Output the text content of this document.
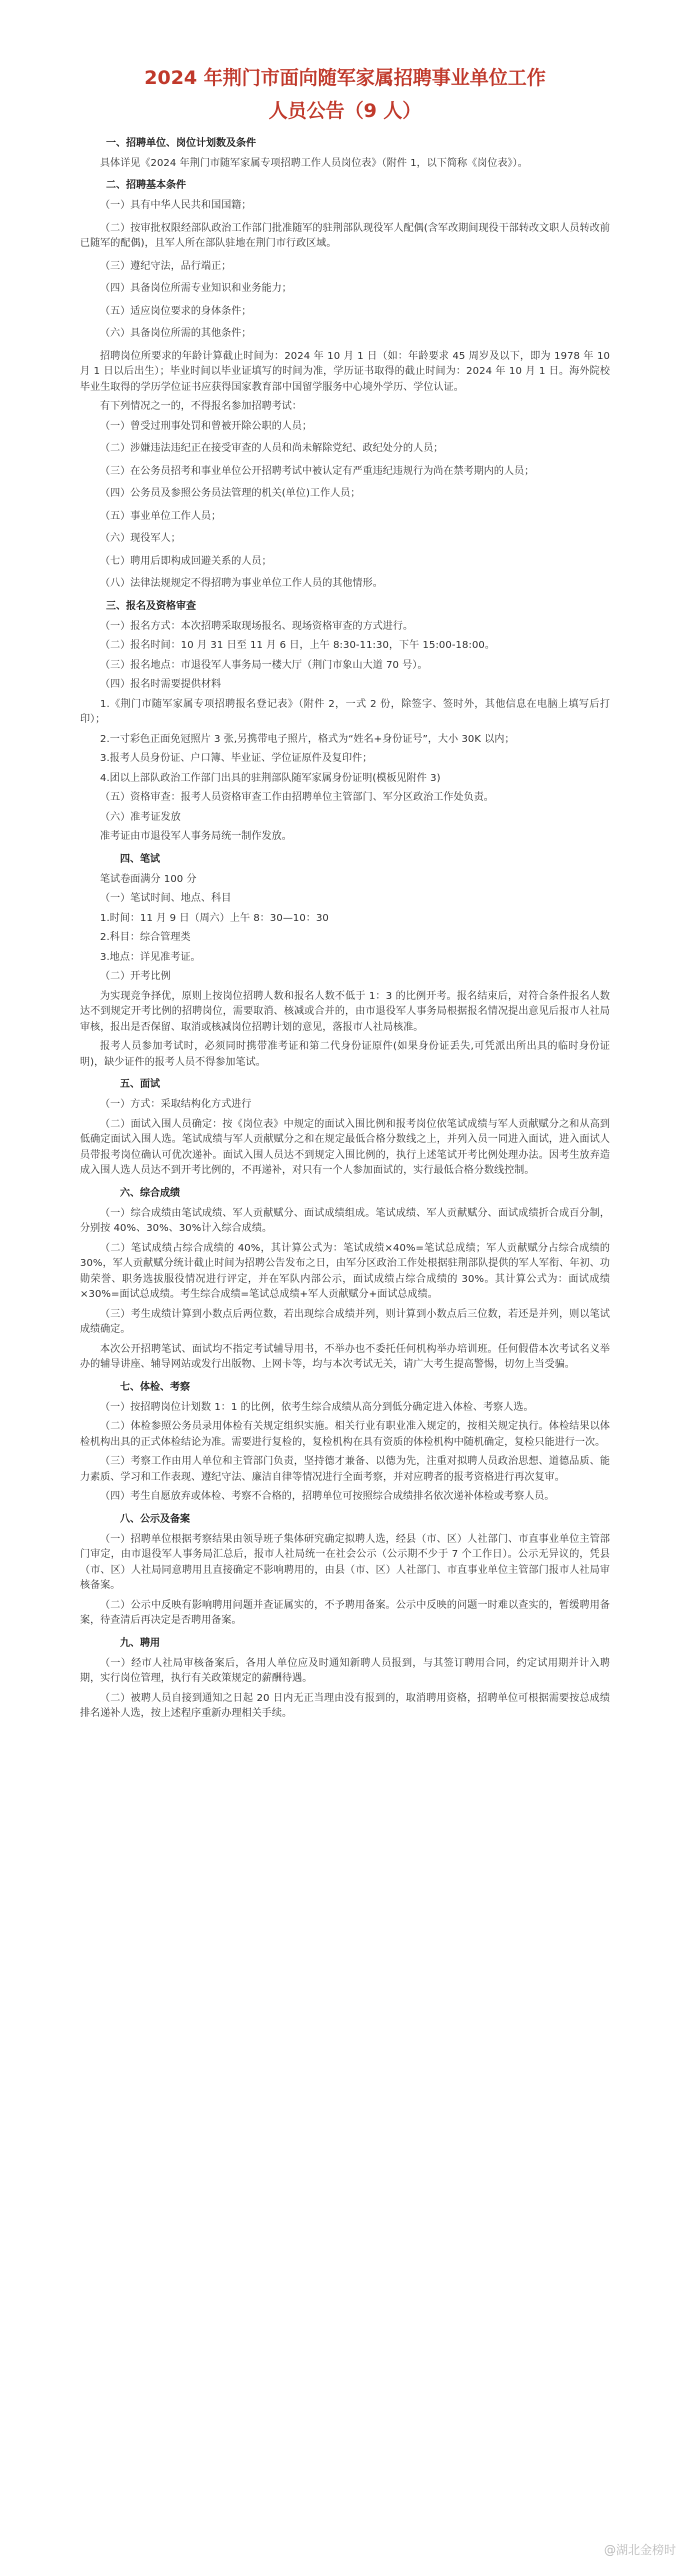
2024 年荆门市面向随军家属招聘事业单位工作
人员公告（9 人）
一、招聘单位、岗位计划数及条件

具体详见《2024 年荆门市随军家属专项招聘工作人员岗位表》（附件 1，以下简称《岗位表》）。

二、招聘基本条件

（一）具有中华人民共和国国籍；

（二）按审批权限经部队政治工作部门批准随军的驻荆部队现役军人配偶(含军改期间现役干部转改文职人员转改前已随军的配偶)，且军人所在部队驻地在荆门市行政区域。

（三）遵纪守法，品行端正；

（四）具备岗位所需专业知识和业务能力；

（五）适应岗位要求的身体条件；

（六）具备岗位所需的其他条件；

招聘岗位所要求的年龄计算截止时间为：2024 年 10 月 1 日（如：年龄要求 45 周岁及以下，即为 1978 年 10 月 1 日以后出生）；毕业时间以毕业证填写的时间为准，学历证书取得的截止时间为：2024 年 10 月 1 日。海外院校毕业生取得的学历学位证书应获得国家教育部中国留学服务中心境外学历、学位认证。

有下列情况之一的，不得报名参加招聘考试：

（一）曾受过刑事处罚和曾被开除公职的人员；

（二）涉嫌违法违纪正在接受审查的人员和尚未解除党纪、政纪处分的人员；

（三）在公务员招考和事业单位公开招聘考试中被认定有严重违纪违规行为尚在禁考期内的人员；

（四）公务员及参照公务员法管理的机关(单位)工作人员；

（五）事业单位工作人员；

（六）现役军人；

（七）聘用后即构成回避关系的人员；

（八）法律法规规定不得招聘为事业单位工作人员的其他情形。

三、报名及资格审查

（一）报名方式：本次招聘采取现场报名、现场资格审查的方式进行。

（二）报名时间：10 月 31 日至 11 月 6 日，上午 8:30-11:30，下午 15:00-18:00。

（三）报名地点：市退役军人事务局一楼大厅（荆门市象山大道 70 号）。

（四）报名时需要提供材料

1.《荆门市随军家属专项招聘报名登记表》（附件 2，一式 2 份，除签字、签时外，其他信息在电脑上填写后打印）；

2.一寸彩色正面免冠照片 3 张,另携带电子照片，格式为“姓名+身份证号”，大小 30K 以内；

3.报考人员身份证、户口簿、毕业证、学位证原件及复印件；

4.团以上部队政治工作部门出具的驻荆部队随军家属身份证明(模板见附件 3)

（五）资格审查：报考人员资格审查工作由招聘单位主管部门、军分区政治工作处负责。

（六）准考证发放

准考证由市退役军人事务局统一制作发放。

四、笔试

笔试卷面满分 100 分

（一）笔试时间、地点、科目

1.时间：11 月 9 日（周六）上午 8：30—10：30

2.科目：综合管理类

3.地点：详见准考证。

（二）开考比例

为实现竞争择优，原则上按岗位招聘人数和报名人数不低于 1：3 的比例开考。报名结束后，对符合条件报名人数达不到规定开考比例的招聘岗位，需要取消、核减或合并的，由市退役军人事务局根据报名情况提出意见后报市人社局审核，报出是否保留、取消或核减岗位招聘计划的意见，落报市人社局核准。

报考人员参加考试时，必须同时携带准考证和第二代身份证原件(如果身份证丢失,可凭派出所出具的临时身份证明)，缺少证件的报考人员不得参加笔试。

五、面试

（一）方式：采取结构化方式进行

（二）面试入围人员确定：按《岗位表》中规定的面试入围比例和报考岗位依笔试成绩与军人贡献赋分之和从高到低确定面试入围人选。笔试成绩与军人贡献赋分之和在规定最低合格分数线之上，并列入员一同进入面试，进入面试人员带报考岗位确认可优次递补。面试入围人员达不到规定入围比例的，执行上述笔试开考比例处理办法。因考生放弃造成入围人选人员达不到开考比例的，不再递补，对只有一个人参加面试的，实行最低合格分数线控制。

六、综合成绩

（一）综合成绩由笔试成绩、军人贡献赋分、面试成绩组成。笔试成绩、军人贡献赋分、面试成绩折合成百分制，分别按 40%、30%、30%计入综合成绩。

（二）笔试成绩占综合成绩的 40%，其计算公式为：笔试成绩×40%=笔试总成绩；军人贡献赋分占综合成绩的 30%，军人贡献赋分统计截止时间为招聘公告发布之日，由军分区政治工作处根据驻荆部队提供的军人军衔、年初、功勋荣誉、职务选拔服役情况进行评定，并在军队内部公示，面试成绩占综合成绩的 30%。其计算公式为：面试成绩×30%=面试总成绩。考生综合成绩=笔试总成绩+军人贡献赋分+面试总成绩。

（三）考生成绩计算到小数点后两位数，若出现综合成绩并列，则计算到小数点后三位数，若还是并列，则以笔试成绩确定。

本次公开招聘笔试、面试均不指定考试辅导用书，不举办也不委托任何机构举办培训班。任何假借本次考试名义举办的辅导讲座、辅导网站或发行出版物、上网卡等，均与本次考试无关，请广大考生提高警惕，切勿上当受骗。

七、体检、考察

（一）按招聘岗位计划数 1：1 的比例，依考生综合成绩从高分到低分确定进入体检、考察人选。

（二）体检参照公务员录用体检有关规定组织实施。相关行业有职业准入规定的，按相关规定执行。体检结果以体检机构出具的正式体检结论为准。需要进行复检的，复检机构在具有资质的体检机构中随机确定，复检只能进行一次。

（三）考察工作由用人单位和主管部门负责，坚持德才兼备、以德为先，注重对拟聘人员政治思想、道德品质、能力素质、学习和工作表现、遵纪守法、廉洁自律等情况进行全面考察，并对应聘者的报考资格进行再次复审。

（四）考生自愿放弃或体检、考察不合格的，招聘单位可按照综合成绩排名依次递补体检或考察人员。

八、公示及备案

（一）招聘单位根据考察结果由领导班子集体研究确定拟聘人选，经县（市、区）人社部门、市直事业单位主管部门审定，由市退役军人事务局汇总后，报市人社局统一在社会公示（公示期不少于 7 个工作日）。公示无异议的，凭县（市、区）人社局同意聘用且直接确定不影响聘用的，由县（市、区）人社部门、市直事业单位主管部门报市人社局审核备案。

（二）公示中反映有影响聘用问题并查证属实的，不予聘用备案。公示中反映的问题一时难以查实的，暂缓聘用备案，待查清后再决定是否聘用备案。

九、聘用

（一）经市人社局审核备案后，各用人单位应及时通知新聘人员报到，与其签订聘用合同，约定试用期并计入聘期，实行岗位管理，执行有关政策规定的薪酬待遇。

（二）被聘人员自接到通知之日起 20 日内无正当理由没有报到的，取消聘用资格，招聘单位可根据需要按总成绩排名递补人选，按上述程序重新办理相关手续。

@湖北金榜时
